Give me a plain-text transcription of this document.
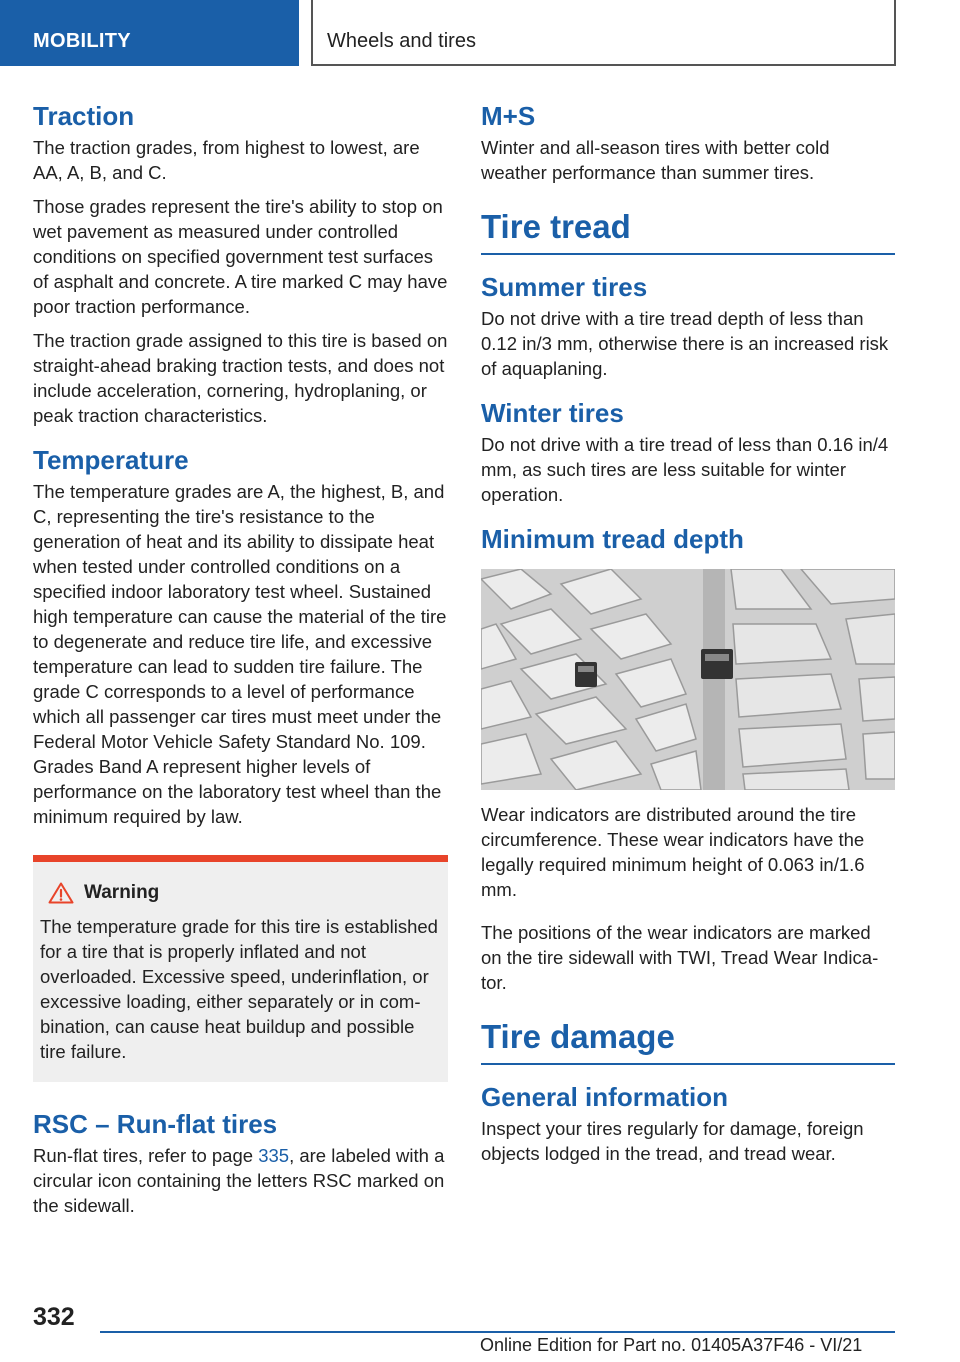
MOBILITY	Wheels and tires
Traction

The traction grades, from highest to lowest, are AA, A, B, and C.

Those grades represent the tire's ability to stop on wet pavement as measured under controlled conditions on specified government test surfaces of asphalt and concrete. A tire marked C may have poor traction performance.

The traction grade assigned to this tire is based on straight-ahead braking traction tests, and does not include acceleration, cornering, hydroplaning, or peak traction characteristics.

Temperature

The temperature grades are A, the highest, B, and C, representing the tire's resistance to the generation of heat and its ability to dissipate heat when tested under controlled conditions on a specified indoor laboratory test wheel. Sustained high temperature can cause the material of the tire to degenerate and reduce tire life, and excessive temperature can lead to sudden tire failure. The grade C corresponds to a level of performance which all passenger car tires must meet under the Federal Motor Vehicle Safety Standard No. 109. Grades Band A represent higher levels of performance on the laboratory test wheel than the minimum required by law.

Warning

The temperature grade for this tire is established for a tire that is properly inflated and not overloaded. Excessive speed, underinflation, or excessive loading, either separately or in combination, can cause heat buildup and possible tire failure.

RSC – Run-flat tires

Run-flat tires, refer to page 335, are labeled with a circular icon containing the letters RSC marked on the sidewall.

M+S

Winter and all-season tires with better cold weather performance than summer tires.

Tire tread
Summer tires

Do not drive with a tire tread depth of less than 0.12 in/3 mm, otherwise there is an increased risk of aquaplaning.

Winter tires

Do not drive with a tire tread of less than 0.16 in/4 mm, as such tires are less suitable for winter operation.

Minimum tread depth

Wear indicators are distributed around the tire circumference. These wear indicators have the legally required minimum height of 0.063 in/1.6 mm.

The positions of the wear indicators are marked on the tire sidewall with TWI, Tread Wear Indicator.

Tire damage
General information

Inspect your tires regularly for damage, foreign objects lodged in the tread, and tread wear.

332
Online Edition for Part no. 01405A37F46 - VI/21
